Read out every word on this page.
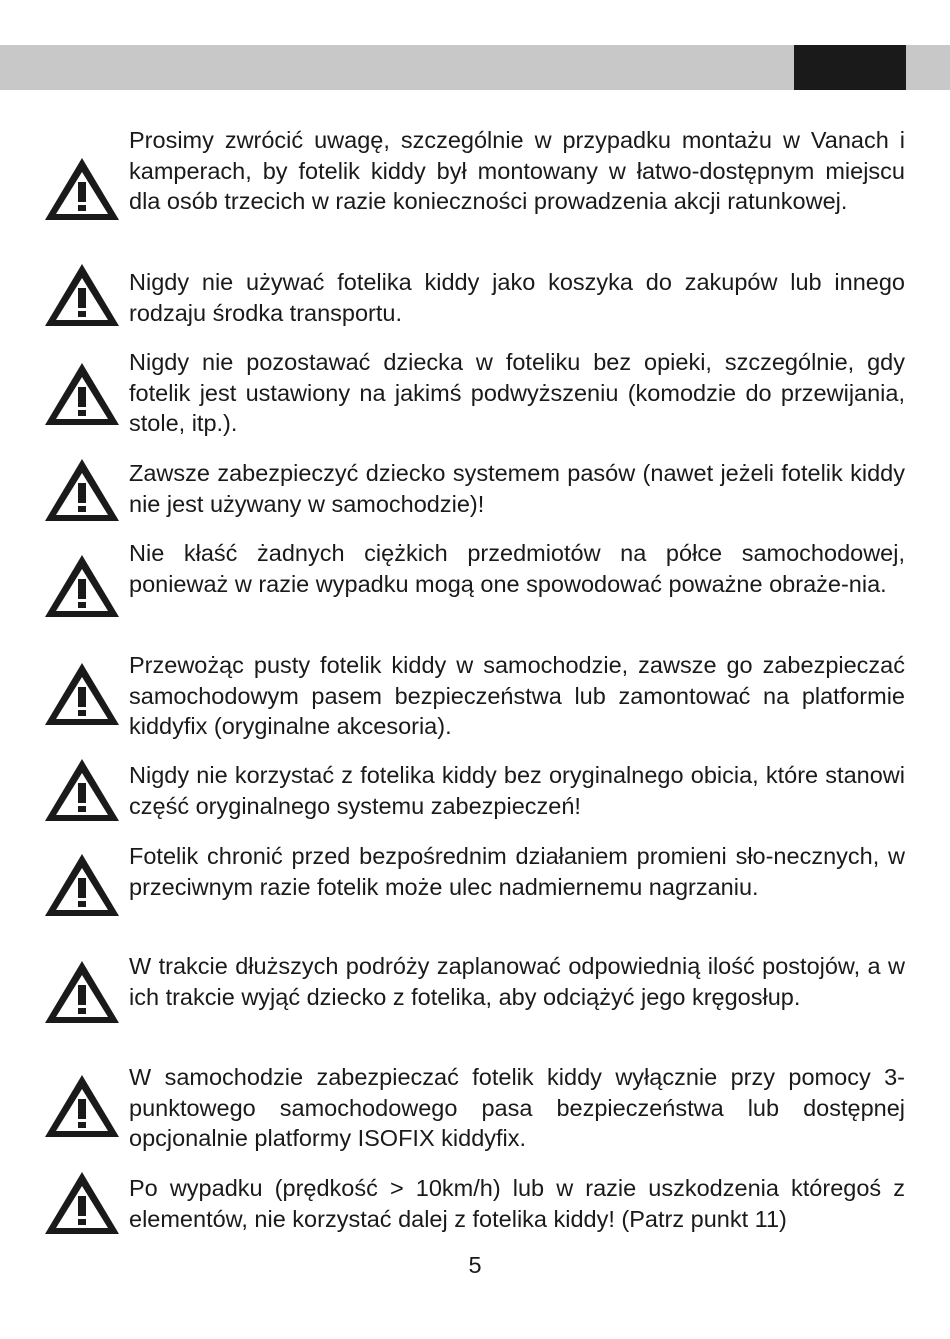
Prosimy zwrócić uwagę, szczególnie w przypadku montażu w Vanach i kamperach, by fotelik kiddy był montowany w łatwo-dostępnym miejscu dla osób trzecich w razie konieczności prowadzenia akcji ratunkowej.

Nigdy nie używać fotelika kiddy jako koszyka do zakupów lub innego rodzaju środka transportu.

Nigdy nie pozostawać dziecka w foteliku bez opieki, szczególnie, gdy fotelik jest ustawiony na jakimś podwyższeniu (komodzie do przewijania, stole, itp.).

Zawsze zabezpieczyć dziecko systemem pasów (nawet jeżeli fotelik kiddy nie jest używany w samochodzie)!

Nie kłaść żadnych ciężkich przedmiotów na półce samochodowej, ponieważ w razie wypadku mogą one spowodować poważne obraże-nia.

Przewożąc pusty fotelik kiddy w samochodzie, zawsze go zabezpieczać samochodowym pasem bezpieczeństwa lub zamontować na platformie kiddyfix (oryginalne akcesoria).

Nigdy nie korzystać z fotelika kiddy bez oryginalnego obicia, które stanowi część oryginalnego systemu zabezpieczeń!

Fotelik chronić przed bezpośrednim działaniem promieni sło-necznych, w przeciwnym razie fotelik może ulec nadmiernemu nagrzaniu.

W trakcie dłuższych podróży zaplanować odpowiednią ilość postojów, a w ich trakcie wyjąć dziecko z fotelika, aby odciążyć jego kręgosłup.

W samochodzie zabezpieczać fotelik kiddy wyłącznie przy pomocy 3-punktowego samochodowego pasa bezpieczeństwa lub dostępnej opcjonalnie platformy ISOFIX kiddyfix.

Po wypadku (prędkość > 10km/h) lub w razie uszkodzenia któregoś z elementów, nie korzystać dalej z fotelika kiddy! (Patrz punkt 11)

5
